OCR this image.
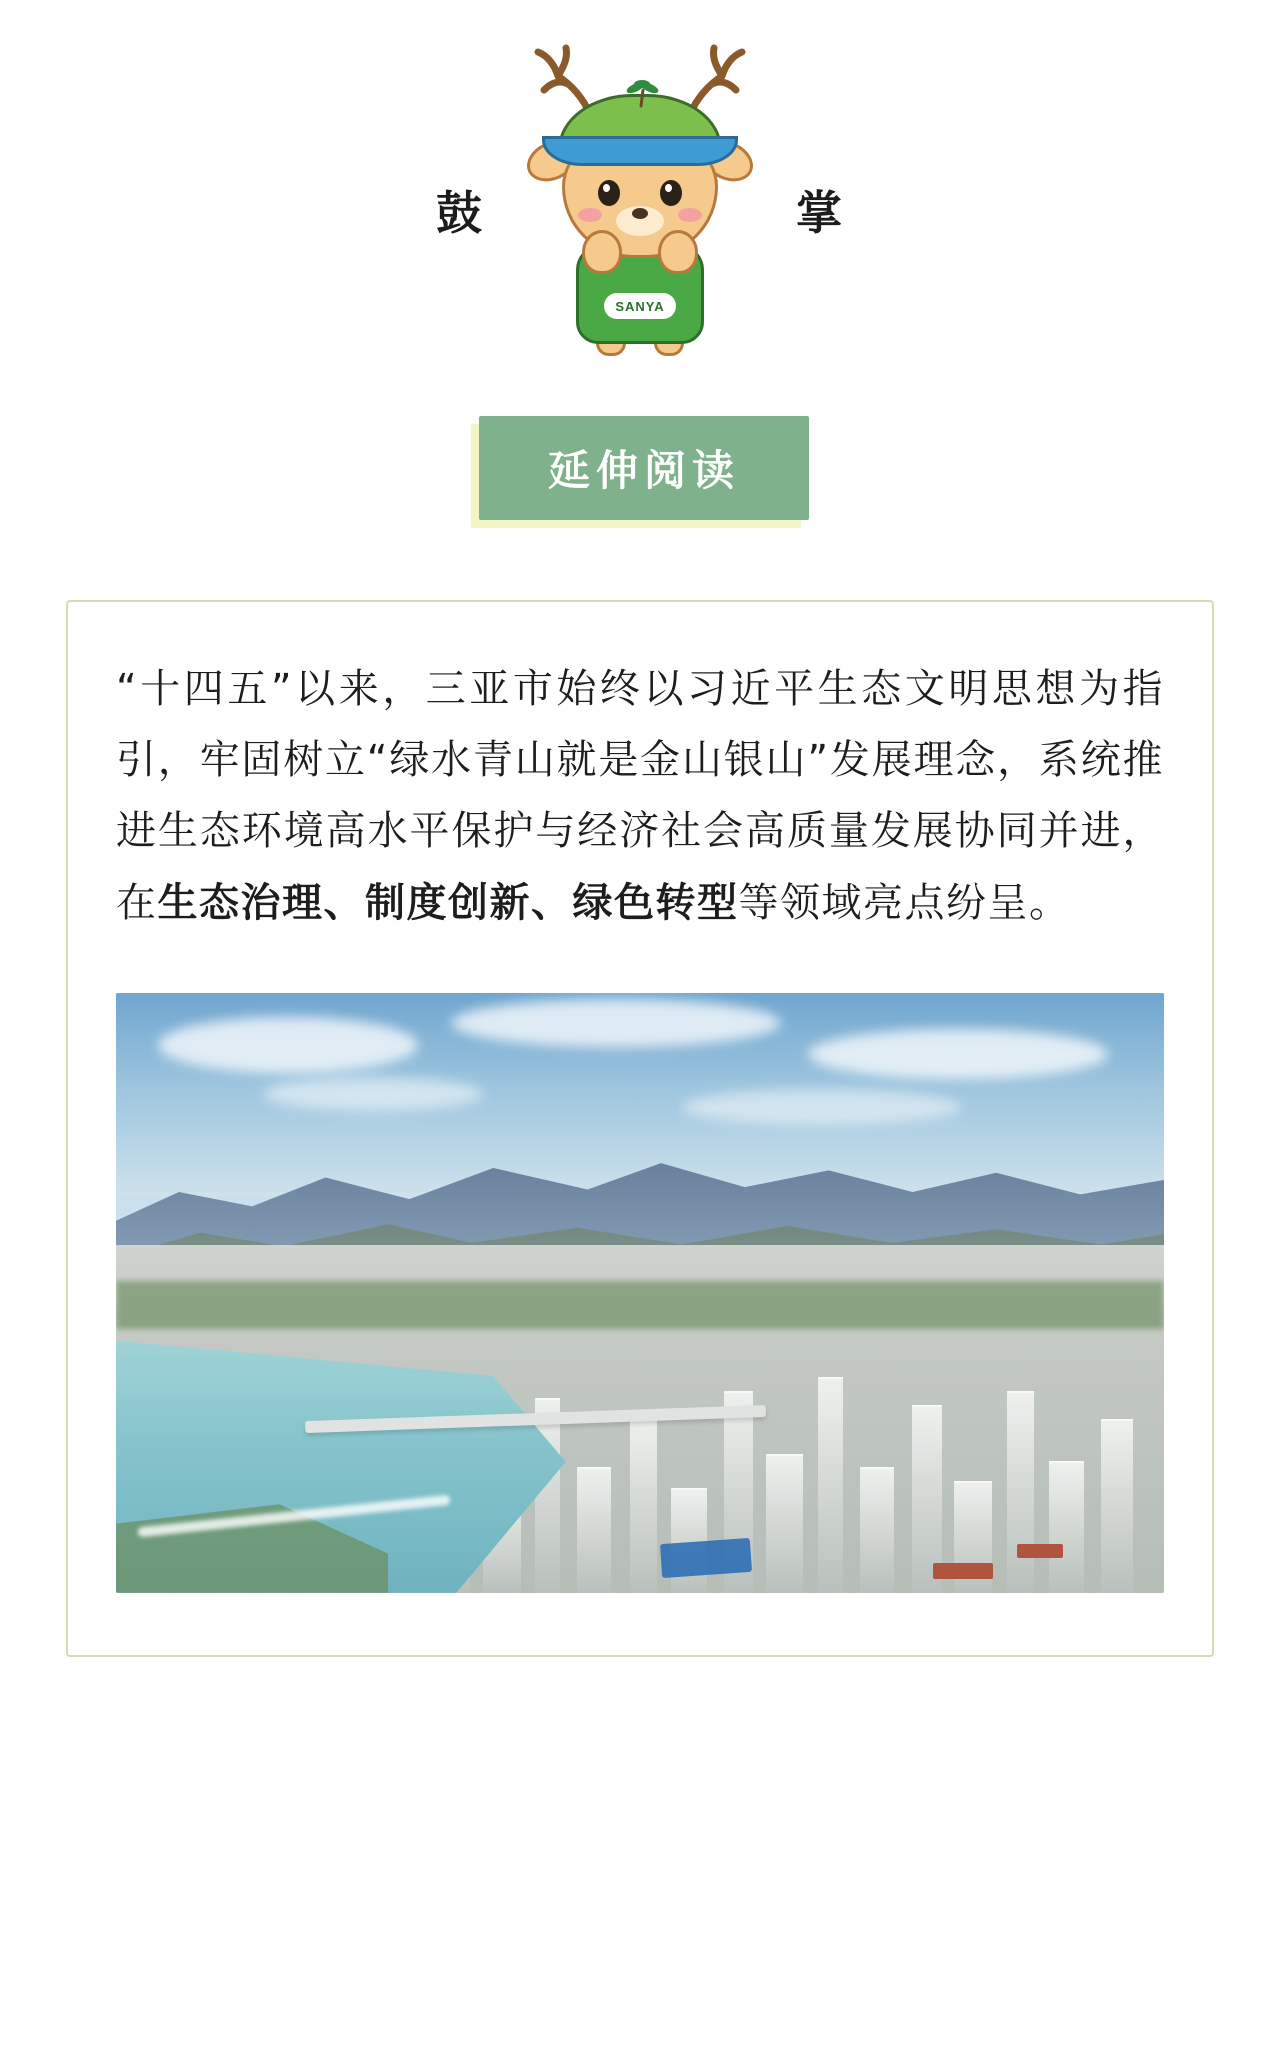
鼓	掌
SANYA
延伸阅读

“十四五”以来，三亚市始终以习近平生态文明思想为指引，牢固树立“绿水青山就是金山银山”发展理念，系统推进生态环境高水平保护与经济社会高质量发展协同并进，在生态治理、制度创新、绿色转型等领域亮点纷呈。
